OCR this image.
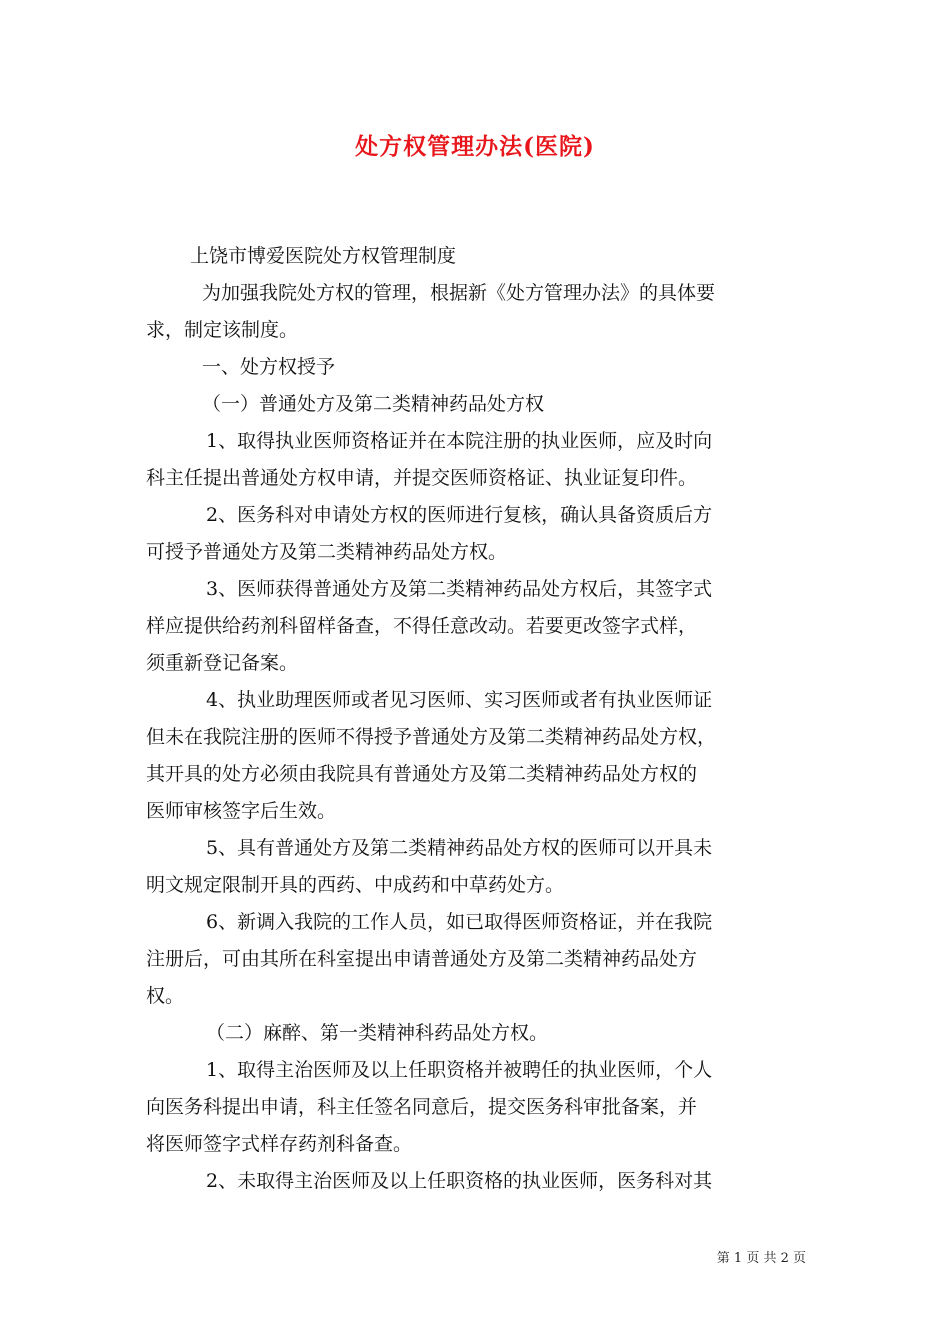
处方权管理办法(医院)
上饶市博爱医院处方权管理制度
为加强我院处方权的管理，根据新《处方管理办法》的具体要
求，制定该制度。
一、处方权授予
（一）普通处方及第二类精神药品处方权
1、取得执业医师资格证并在本院注册的执业医师，应及时向
科主任提出普通处方权申请，并提交医师资格证、执业证复印件。
2、医务科对申请处方权的医师进行复核，确认具备资质后方
可授予普通处方及第二类精神药品处方权。
3、医师获得普通处方及第二类精神药品处方权后，其签字式
样应提供给药剂科留样备查，不得任意改动。若要更改签字式样，
须重新登记备案。
4、执业助理医师或者见习医师、实习医师或者有执业医师证
但未在我院注册的医师不得授予普通处方及第二类精神药品处方权，
其开具的处方必须由我院具有普通处方及第二类精神药品处方权的
医师审核签字后生效。
5、具有普通处方及第二类精神药品处方权的医师可以开具未
明文规定限制开具的西药、中成药和中草药处方。
6、新调入我院的工作人员，如已取得医师资格证，并在我院
注册后，可由其所在科室提出申请普通处方及第二类精神药品处方
权。
（二）麻醉、第一类精神科药品处方权。
1、取得主治医师及以上任职资格并被聘任的执业医师，个人
向医务科提出申请，科主任签名同意后，提交医务科审批备案，并
将医师签字式样存药剂科备查。
2、未取得主治医师及以上任职资格的执业医师，医务科对其
第 1 页 共 2 页
